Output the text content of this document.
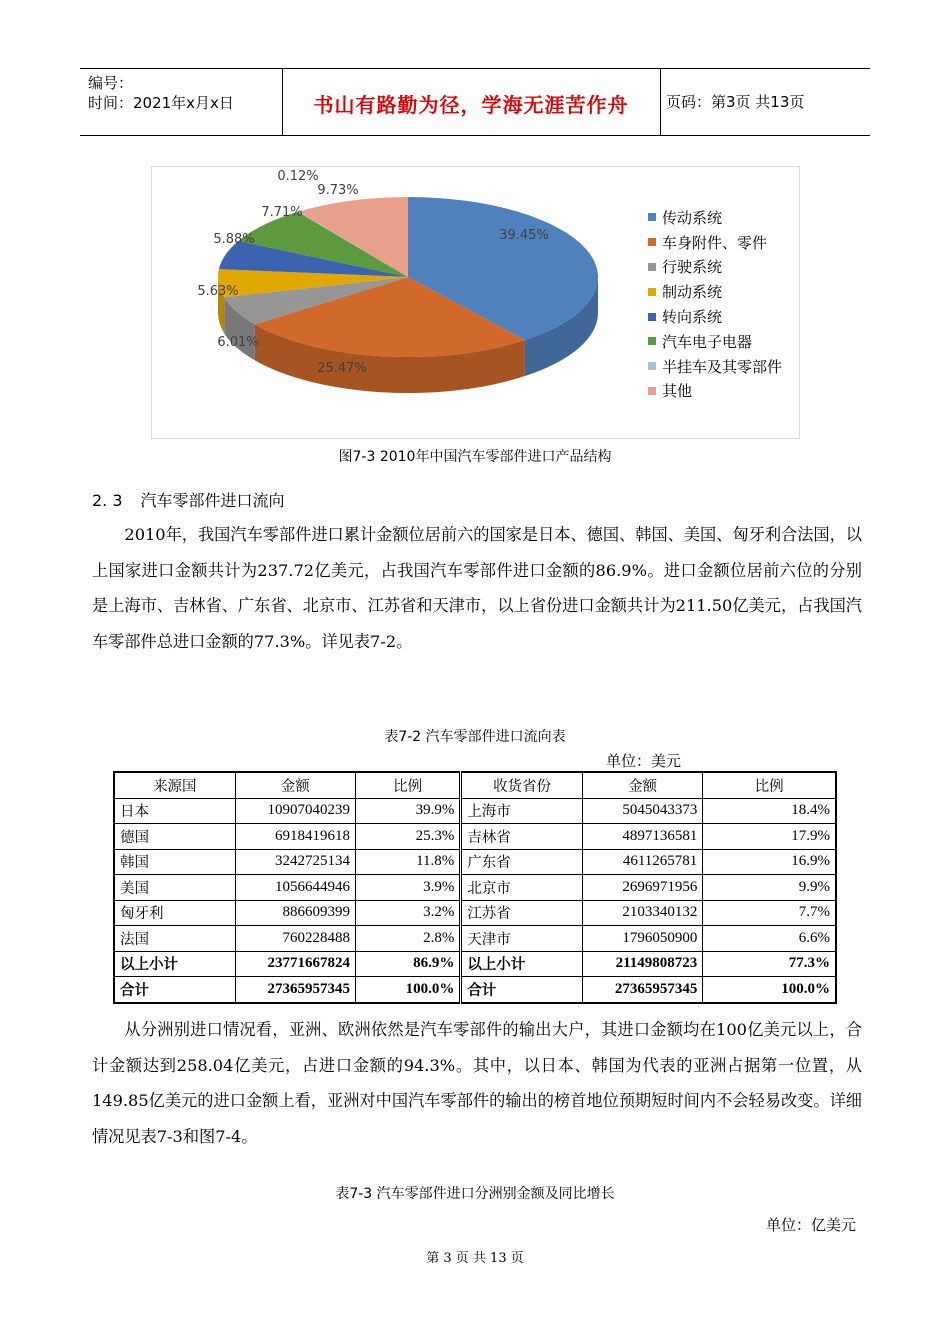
编号：
时间：2021年x月x日	书山有路勤为径，学海无涯苦作舟	页码：第3页 共13页
39.45%
25.47%
6.01%
5.63%
5.88%
7.71%
0.12%
9.73%
传动系统
车身附件、零件
行驶系统
制动系统
转向系统
汽车电子电器
半挂车及其零部件
其他
图7-3 2010年中国汽车零部件进口产品结构
2. 3 汽车零部件进口流向
2010年，我国汽车零部件进口累计金额位居前六的国家是日本、德国、韩国、美国、匈牙利合法国，以上国家进口金额共计为237.72亿美元，占我国汽车零部件进口金额的86.9%。进口金额位居前六位的分别是上海市、吉林省、广东省、北京市、江苏省和天津市，以上省份进口金额共计为211.50亿美元，占我国汽车零部件总进口金额的77.3%。详见表7-2。
表7-2 汽车零部件进口流向表
单位：美元
来源国	金额	比例	收货省份	金额	比例
日本	10907040239	39.9%	上海市	5045043373	18.4%
德国	6918419618	25.3%	吉林省	4897136581	17.9%
韩国	3242725134	11.8%	广东省	4611265781	16.9%
美国	1056644946	3.9%	北京市	2696971956	9.9%
匈牙利	886609399	3.2%	江苏省	2103340132	7.7%
法国	760228488	2.8%	天津市	1796050900	6.6%
以上小计	23771667824	86.9%	以上小计	21149808723	77.3%
合计	27365957345	100.0%	合计	27365957345	100.0%
从分洲别进口情况看，亚洲、欧洲依然是汽车零部件的输出大户，其进口金额均在100亿美元以上，合计金额达到258.04亿美元，占进口金额的94.3%。其中，以日本、韩国为代表的亚洲占据第一位置，从149.85亿美元的进口金额上看，亚洲对中国汽车零部件的输出的榜首地位预期短时间内不会轻易改变。详细情况见表7-3和图7-4。
表7-3 汽车零部件进口分洲别金额及同比增长
单位：亿美元
第 3 页 共 13 页
